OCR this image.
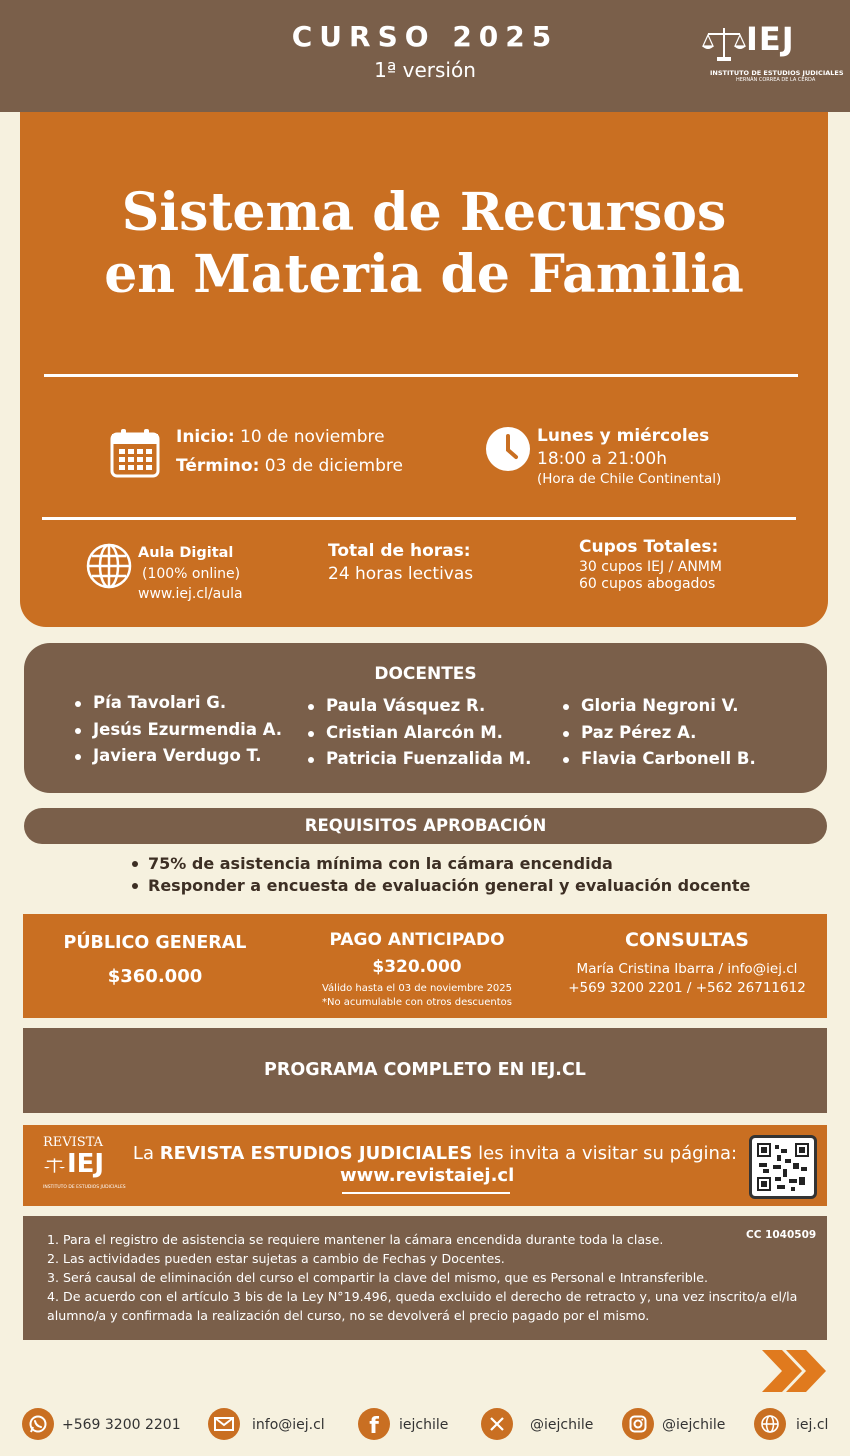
CURSO 2025
1ª versión
IEJ
INSTITUTO DE ESTUDIOS JUDICIALES
HERNÁN CORREA DE LA CERDA
Sistema de Recursos
en Materia de Familia
Inicio: 10 de noviembre
Término: 03 de diciembre
Lunes y miércoles
18:00 a 21:00h
(Hora de Chile Continental)
Aula Digital
(100% online)
www.iej.cl/aula
Total de horas:
24 horas lectivas
Cupos Totales:
30 cupos IEJ / ANMM
60 cupos abogados
DOCENTES
Pía Tavolari G.
Jesús Ezurmendia A.
Javiera Verdugo T.
Paula Vásquez R.
Cristian Alarcón M.
Patricia Fuenzalida M.
Gloria Negroni V.
Paz Pérez A.
Flavia Carbonell B.
REQUISITOS APROBACIÓN
75% de asistencia mínima con la cámara encendida
Responder a encuesta de evaluación general y evaluación docente
PÚBLICO GENERAL
$360.000
PAGO ANTICIPADO
$320.000
Válido hasta el 03 de noviembre 2025
*No acumulable con otros descuentos
CONSULTAS
María Cristina Ibarra / info@iej.cl
+569 3200 2201 / +562 26711612
PROGRAMA COMPLETO EN IEJ.CL
REVISTA
IEJ
INSTITUTO DE ESTUDIOS JUDICIALES
La REVISTA ESTUDIOS JUDICIALES les invita a visitar su página:
www.revistaiej.cl
CC 1040509
1. Para el registro de asistencia se requiere mantener la cámara encendida durante toda la clase.
2. Las actividades pueden estar sujetas a cambio de Fechas y Docentes.
3. Será causal de eliminación del curso el compartir la clave del mismo, que es Personal e Intransferible.
4. De acuerdo con el artículo 3 bis de la Ley N°19.496, queda excluido el derecho de retracto y, una vez inscrito/a el/la
alumno/a y confirmada la realización del curso, no se devolverá el precio pagado por el mismo.
+569 3200 2201	info@iej.cl f iejchile	@iejchile	@iejchile	iej.cl
